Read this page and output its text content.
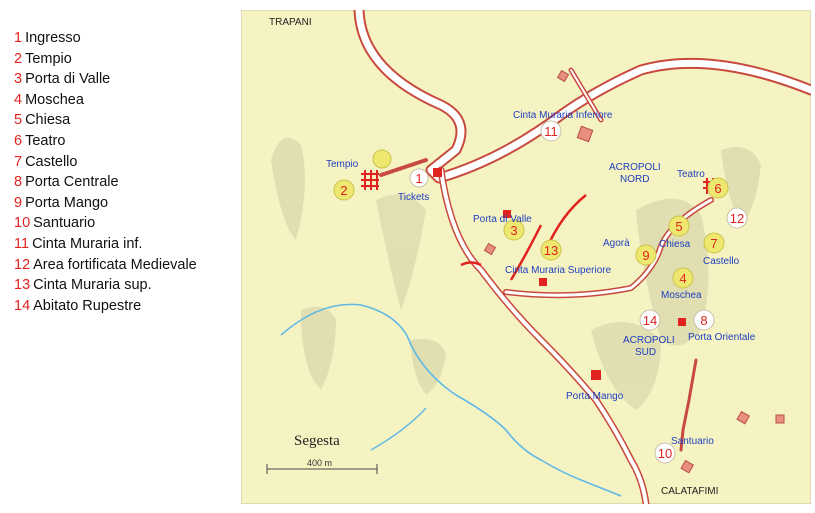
1 Ingresso
2 Tempio
3 Porta di Valle
4 Moschea
5 Chiesa
6 Teatro
7 Castello
8 Porta Centrale
9 Porta Mango
10 Santuario
11 Cinta Muraria inf.
12 Area fortificata Medievale
13 Cinta Muraria sup.
14 Abitato Rupestre
1
2
3
4
5
6
7
8
9
10
11
12
13
14
TRAPANI
CALATAFIMI
Tempio
Tickets
Cinta Muraria Inferiore
ACROPOLI
NORD	Teatro
Porta di Valle
Agorà	Chiesa
Castello
Cinta Muraria Superiore
Moschea
ACROPOLI
SUD
Porta Orientale
Porta Mango
Santuario
Segesta
400 m
